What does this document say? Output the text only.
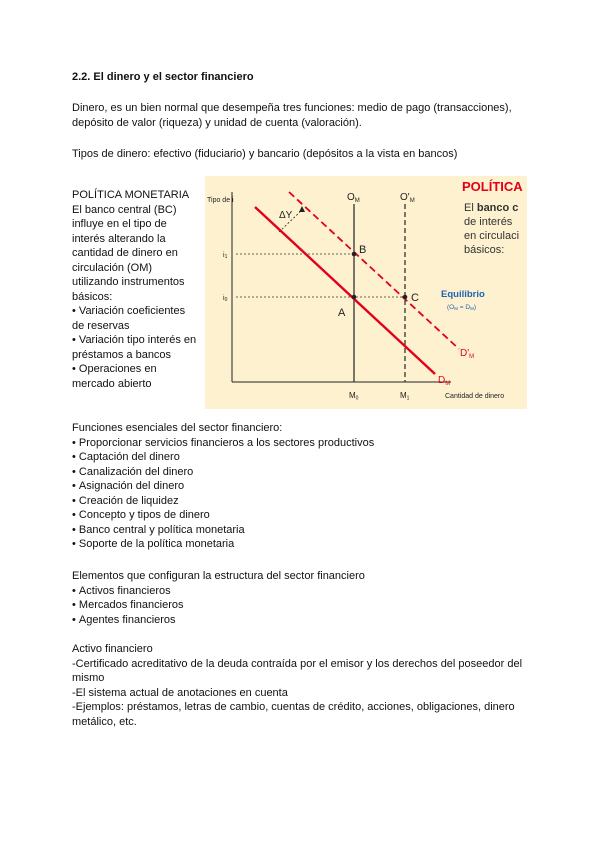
2.2. El dinero y el sector financiero

Dinero, es un bien normal que desempeña tres funciones: medio de pago (transacciones), depósito de valor (riqueza) y unidad de cuenta (valoración).

Tipos de dinero: efectivo (fiduciario) y bancario (depósitos a la vista en bancos)

POLÍTICA MONETARIA
El banco central (BC) influye en el tipo de interés alterando la cantidad de dinero en circulación (OM) utilizando instrumentos básicos:
• Variación coeficientes de reservas
• Variación tipo interés en préstamos a bancos
• Operaciones en mercado abierto
Tipo de i
Cantidad de dinero
$O_M$	$O'_M$
i1
i0
$D_M$
$D'_M$
ΔY
A
B
C
M0	M1
Equilibrio
(OM = DM)
POLÍTICA
El banco c
de interés
en circulaci
básicos:
Funciones esenciales del sector financiero:
• Proporcionar servicios financieros a los sectores productivos
• Captación del dinero
• Canalización del dinero
• Asignación del dinero
• Creación de liquidez
• Concepto y tipos de dinero
• Banco central y política monetaria
• Soporte de la política monetaria
Elementos que configuran la estructura del sector financiero
• Activos financieros
• Mercados financieros
• Agentes financieros
Activo financiero
-Certificado acreditativo de la deuda contraída por el emisor y los derechos del poseedor del mismo
-El sistema actual de anotaciones en cuenta
-Ejemplos: préstamos, letras de cambio, cuentas de crédito, acciones, obligaciones, dinero metálico, etc.
